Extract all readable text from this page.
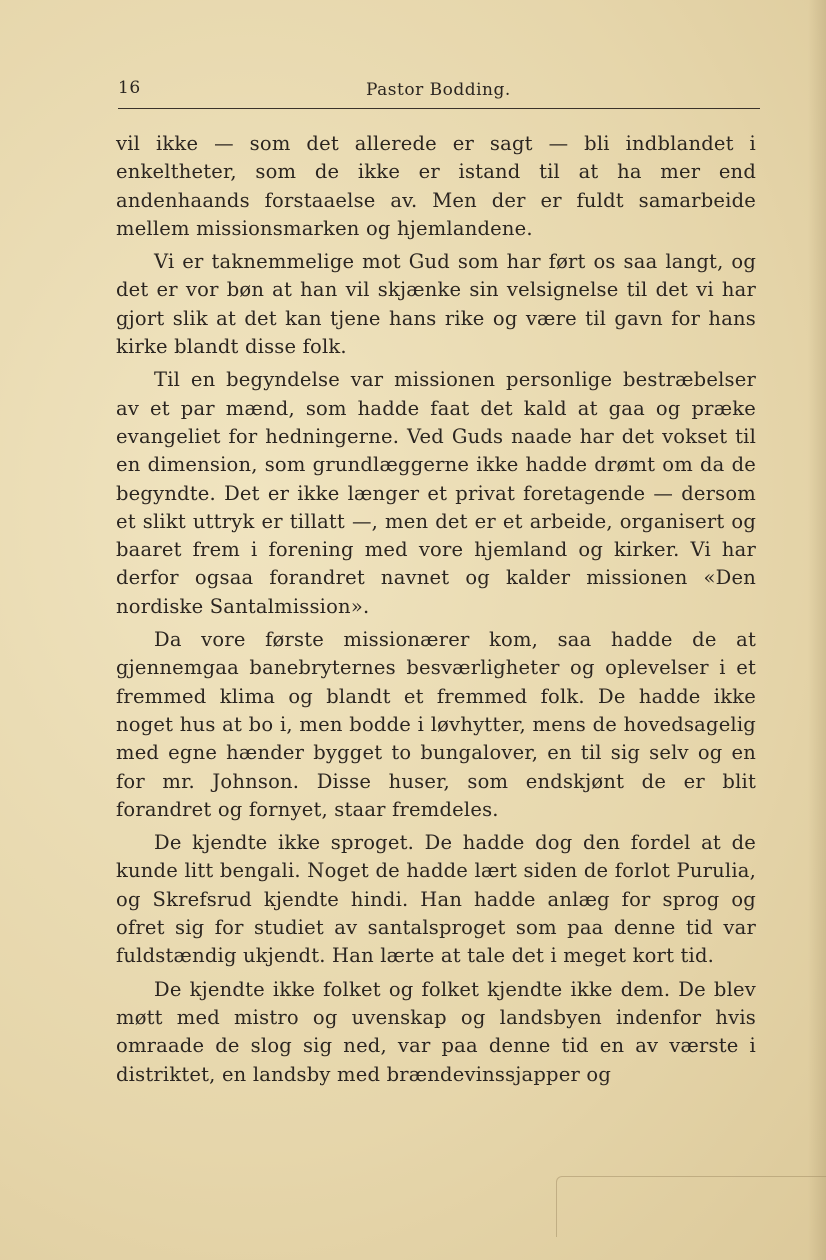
16	Pastor Bodding.

vil ikke — som det allerede er sagt — bli indblandet i enkeltheter, som de ikke er istand til at ha mer end andenhaands forstaaelse av. Men der er fuldt samarbeide mellem missionsmarken og hjemlandene.

Vi er taknemmelige mot Gud som har ført os saa langt, og det er vor bøn at han vil skjænke sin velsignelse til det vi har gjort slik at det kan tjene hans rike og være til gavn for hans kirke blandt disse folk.

Til en begyndelse var missionen personlige bestræbelser av et par mænd, som hadde faat det kald at gaa og præke evangeliet for hedningerne. Ved Guds naade har det vokset til en dimension, som grundlæggerne ikke hadde drømt om da de begyndte. Det er ikke længer et privat foretagende — dersom et slikt uttryk er tillatt —, men det er et arbeide, organisert og baaret frem i forening med vore hjemland og kirker. Vi har derfor ogsaa forandret navnet og kalder missionen «Den nordiske Santalmission».

Da vore første missionærer kom, saa hadde de at gjennemgaa banebryternes besværligheter og oplevelser i et fremmed klima og blandt et fremmed folk. De hadde ikke noget hus at bo i, men bodde i løvhytter, mens de hovedsagelig med egne hænder bygget to bungalover, en til sig selv og en for mr. Johnson. Disse huser, som endskjønt de er blit forandret og fornyet, staar fremdeles.

De kjendte ikke sproget. De hadde dog den fordel at de kunde litt bengali. Noget de hadde lært siden de forlot Purulia, og Skrefsrud kjendte hindi. Han hadde anlæg for sprog og ofret sig for studiet av santalsproget som paa denne tid var fuldstændig ukjendt. Han lærte at tale det i meget kort tid.

De kjendte ikke folket og folket kjendte ikke dem. De blev møtt med mistro og uvenskap og landsbyen indenfor hvis omraade de slog sig ned, var paa denne tid en av værste i distriktet, en landsby med brændevinssjapper og
